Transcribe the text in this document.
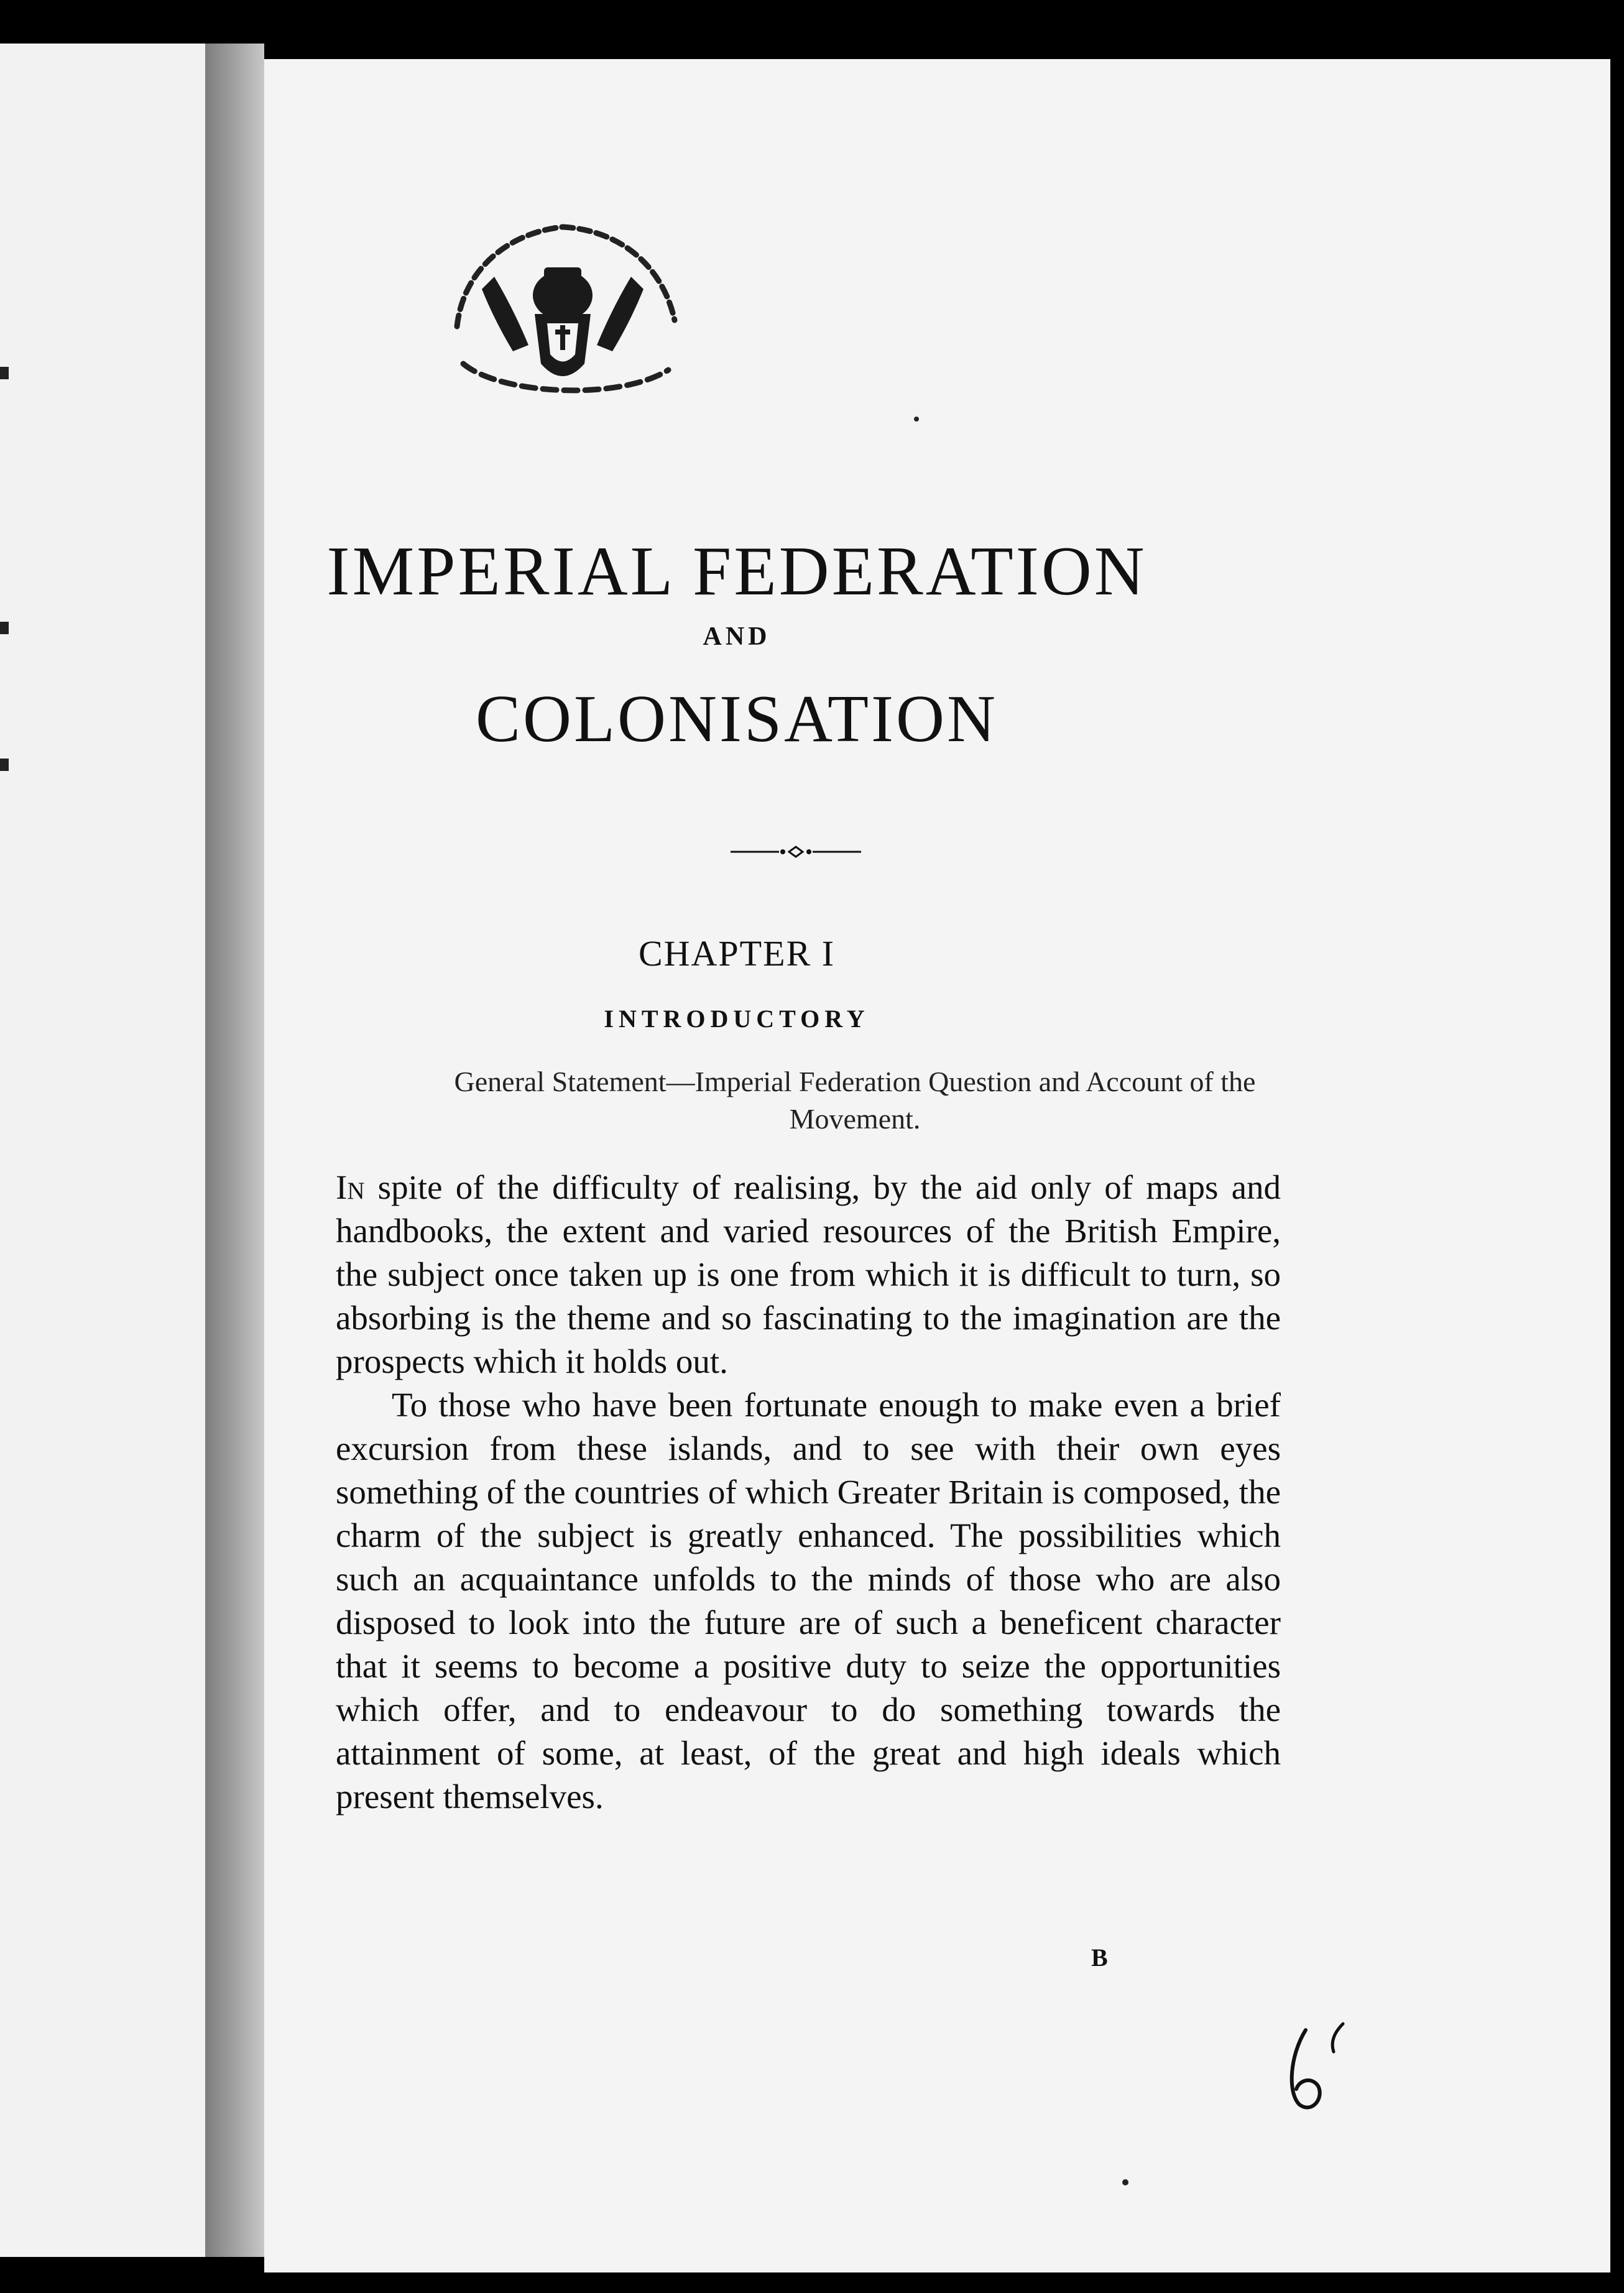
IMPERIAL FEDERATION
AND
COLONISATION
CHAPTER I
INTRODUCTORY
General Statement—Imperial Federation Question and Account of the Movement.

In spite of the difficulty of realising, by the aid only of maps and handbooks, the extent and varied resources of the British Empire, the subject once taken up is one from which it is difficult to turn, so absorbing is the theme and so fascinating to the imagination are the prospects which it holds out.

To those who have been fortunate enough to make even a brief excursion from these islands, and to see with their own eyes something of the countries of which Greater Britain is composed, the charm of the subject is greatly enhanced. The possibilities which such an acquaintance unfolds to the minds of those who are also disposed to look into the future are of such a beneficent character that it seems to become a positive duty to seize the opportunities which offer, and to endeavour to do something towards the attainment of some, at least, of the great and high ideals which present themselves.

B
